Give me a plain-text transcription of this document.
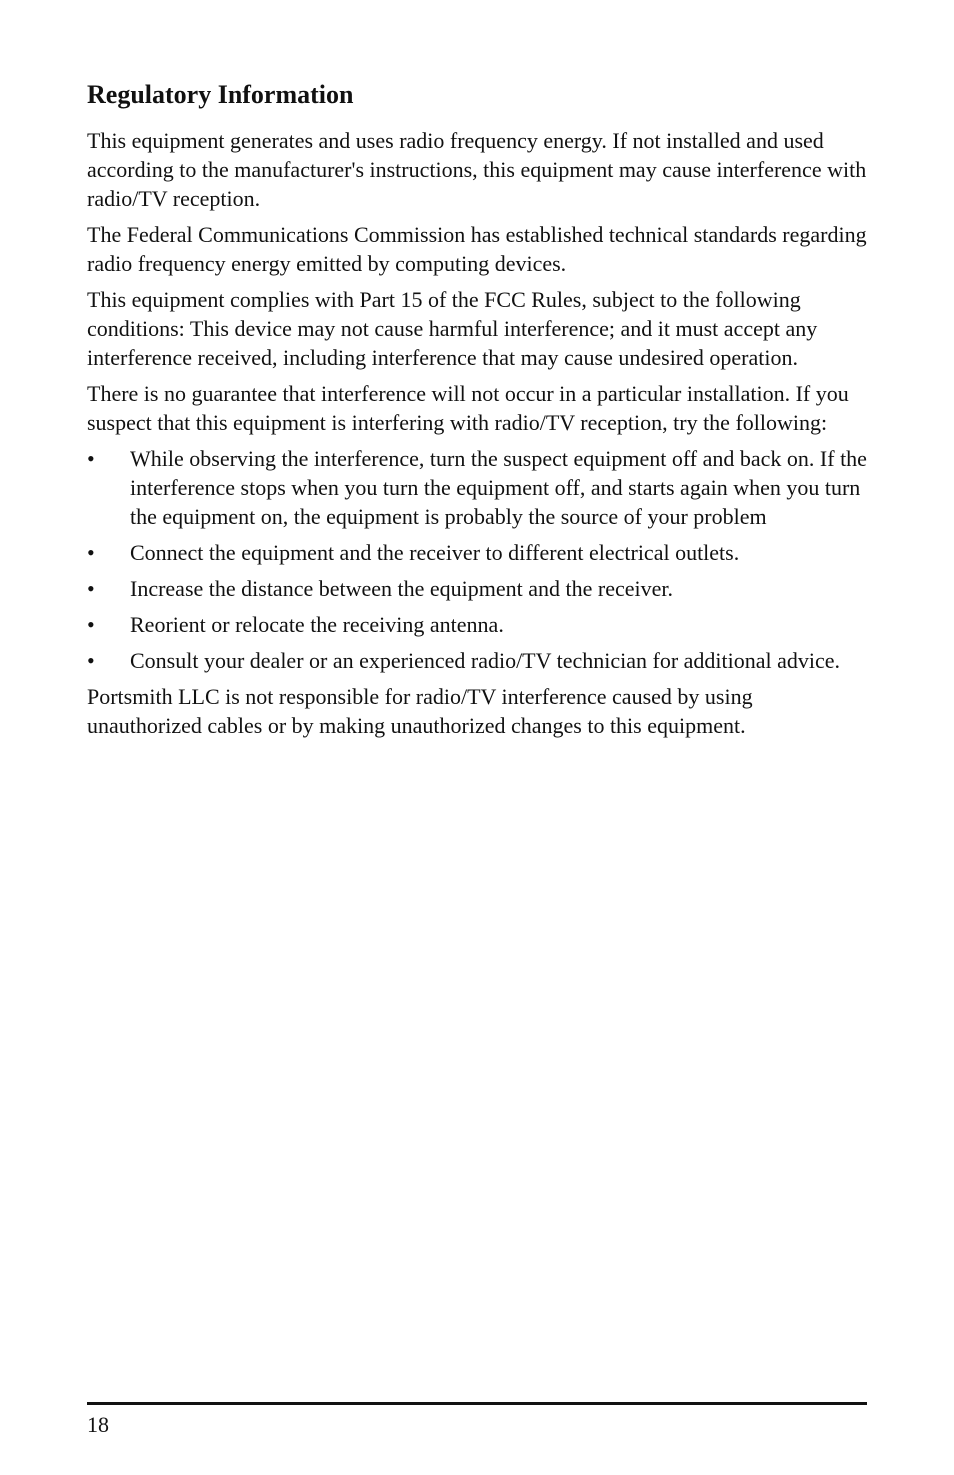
Regulatory Information

This equipment generates and uses radio frequency energy. If not installed and used according to the manufacturer's instructions, this equipment may cause interference with radio/TV reception.

The Federal Communications Commission has established technical standards regarding radio frequency energy emitted by computing devices.

This equipment complies with Part 15 of the FCC Rules, subject to the following conditions: This device may not cause harmful interference; and it must accept any interference received, including interference that may cause undesired operation.

There is no guarantee that interference will not occur in a particular installation. If you suspect that this equipment is interfering with radio/TV reception, try the following:

•	While observing the interference, turn the suspect equipment off and back on. If the interference stops when you turn the equipment off, and starts again when you turn the equipment on, the equipment is probably the source of your problem
•	Connect the equipment and the receiver to different electrical outlets.
•	Increase the distance between the equipment and the receiver.
•	Reorient or relocate the receiving antenna.
•	Consult your dealer or an experienced radio/TV technician for additional advice.

Portsmith LLC is not responsible for radio/TV interference caused by using unauthorized cables or by making unauthorized changes to this equipment.

18
